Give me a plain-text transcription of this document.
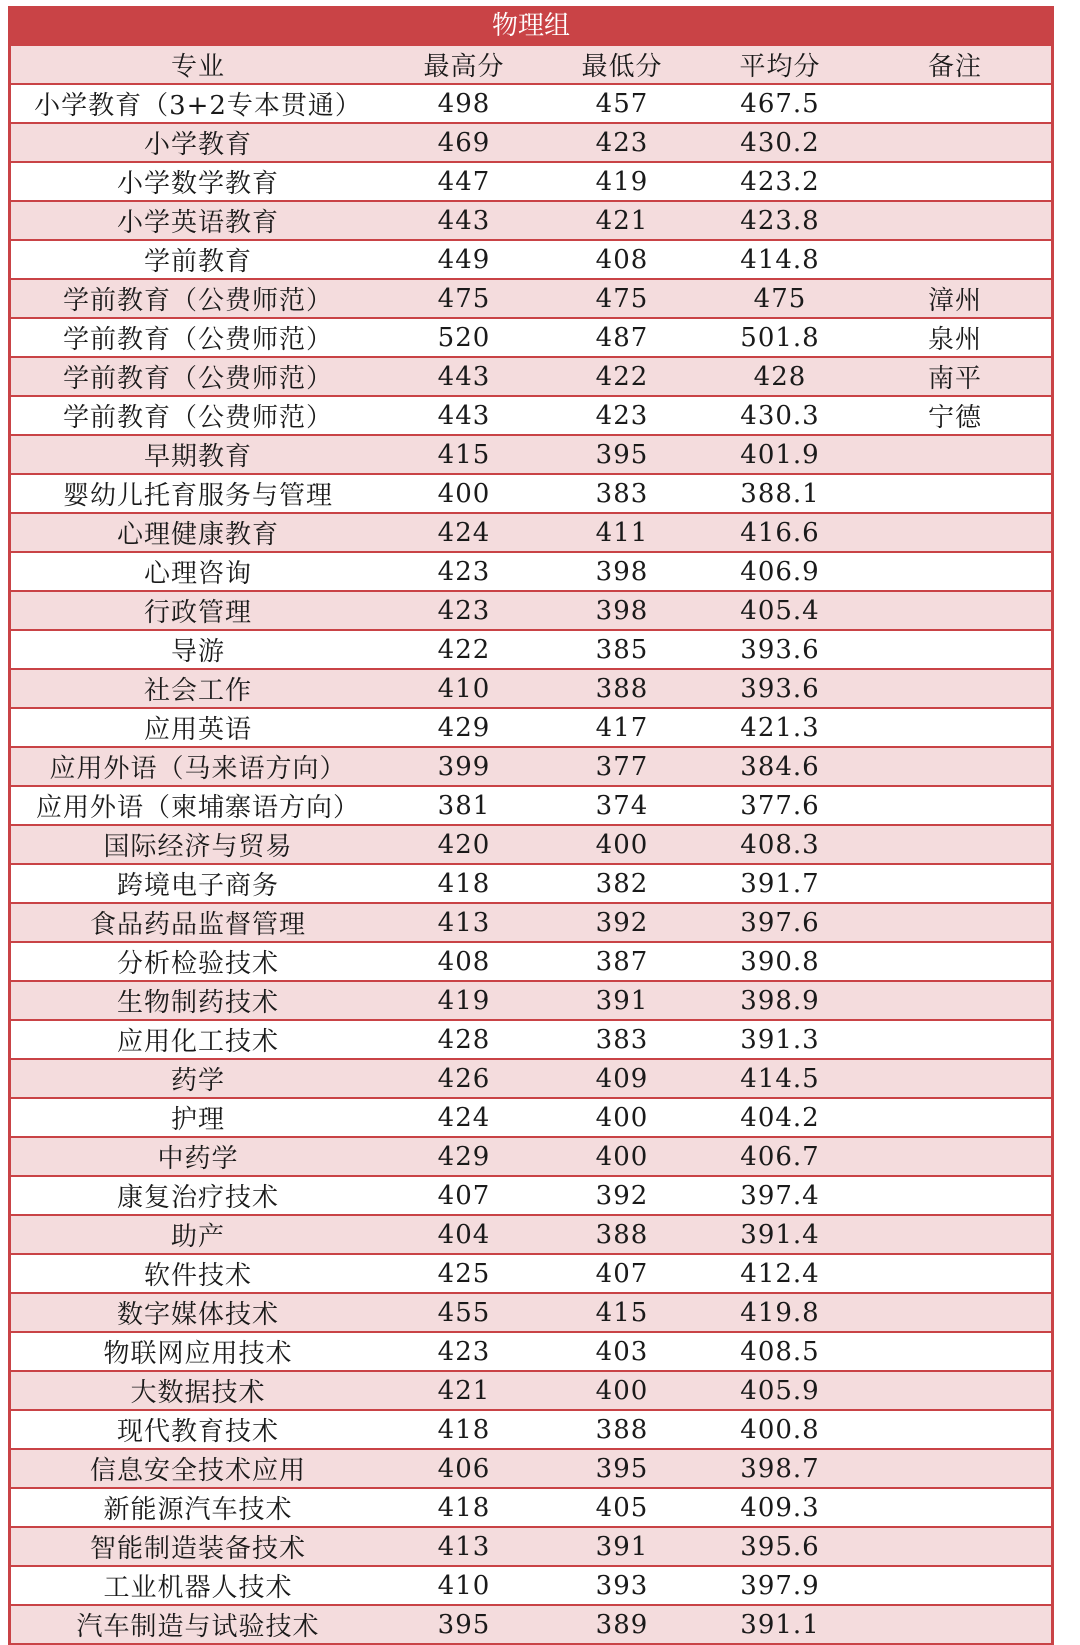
物理组
专业	最高分	最低分	平均分	备注
小学教育（3+2专本贯通）	498	457	467.5	
小学教育	469	423	430.2	
小学数学教育	447	419	423.2	
小学英语教育	443	421	423.8	
学前教育	449	408	414.8	
学前教育（公费师范）	475	475	475	漳州
学前教育（公费师范）	520	487	501.8	泉州
学前教育（公费师范）	443	422	428	南平
学前教育（公费师范）	443	423	430.3	宁德
早期教育	415	395	401.9	
婴幼儿托育服务与管理	400	383	388.1	
心理健康教育	424	411	416.6	
心理咨询	423	398	406.9	
行政管理	423	398	405.4	
导游	422	385	393.6	
社会工作	410	388	393.6	
应用英语	429	417	421.3	
应用外语（马来语方向）	399	377	384.6	
应用外语（柬埔寨语方向）	381	374	377.6	
国际经济与贸易	420	400	408.3	
跨境电子商务	418	382	391.7	
食品药品监督管理	413	392	397.6	
分析检验技术	408	387	390.8	
生物制药技术	419	391	398.9	
应用化工技术	428	383	391.3	
药学	426	409	414.5	
护理	424	400	404.2	
中药学	429	400	406.7	
康复治疗技术	407	392	397.4	
助产	404	388	391.4	
软件技术	425	407	412.4	
数字媒体技术	455	415	419.8	
物联网应用技术	423	403	408.5	
大数据技术	421	400	405.9	
现代教育技术	418	388	400.8	
信息安全技术应用	406	395	398.7	
新能源汽车技术	418	405	409.3	
智能制造装备技术	413	391	395.6	
工业机器人技术	410	393	397.9	
汽车制造与试验技术	395	389	391.1	
